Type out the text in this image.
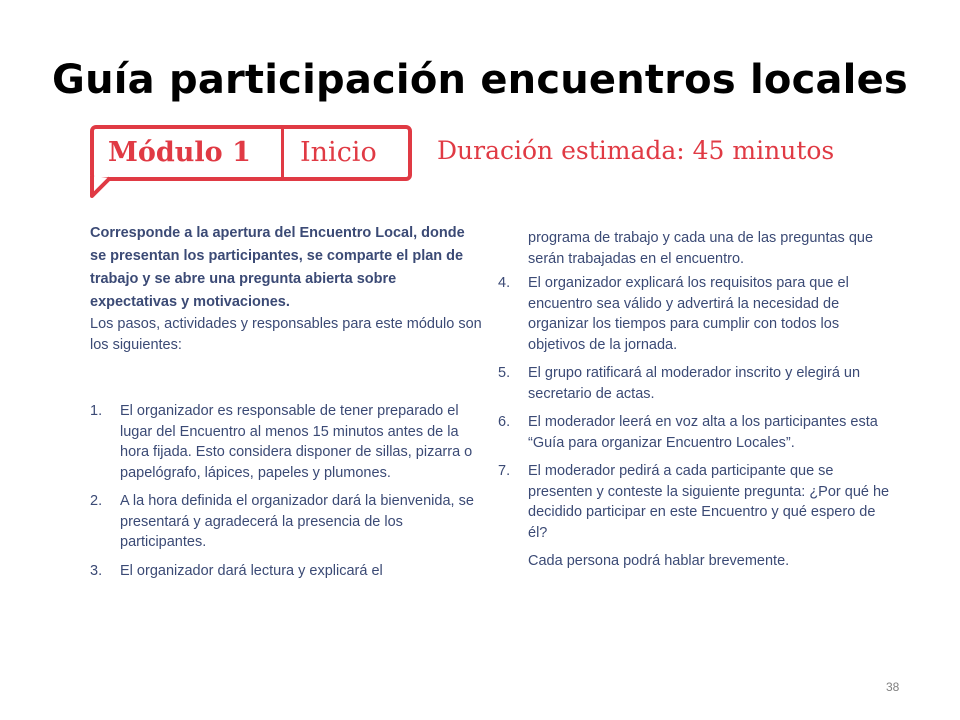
Guía participación encuentros locales
Módulo 1 Inicio Duración estimada: 45 minutos

Corresponde a la apertura del Encuentro Local, donde se presentan los participantes, se comparte el plan de trabajo y se abre una pregunta abierta sobre expectativas y motivaciones.

Los pasos, actividades y responsables para este módulo son los siguientes:

1. El organizador es responsable de tener preparado el lugar del Encuentro al menos 15 minutos antes de la hora fijada. Esto considera disponer de sillas, pizarra o papelógrafo, lápices, papeles y plumones.
2. A la hora definida el organizador dará la bienvenida, se presentará y agradecerá la presencia de los participantes.
3. El organizador dará lectura y explicará el

programa de trabajo y cada una de las preguntas que serán trabajadas en el encuentro.

4. El organizador explicará los requisitos para que el encuentro sea válido y advertirá la necesidad de organizar los tiempos para cumplir con todos los objetivos de la jornada.
5. El grupo ratificará al moderador inscrito y elegirá un secretario de actas.
6. El moderador leerá en voz alta a los participantes esta “Guía para organizar Encuentro Locales”.
7. El moderador pedirá a cada participante que se presenten y conteste la siguiente pregunta: ¿Por qué he decidido participar en este Encuentro y qué espero de él?

Cada persona podrá hablar brevemente.

38
